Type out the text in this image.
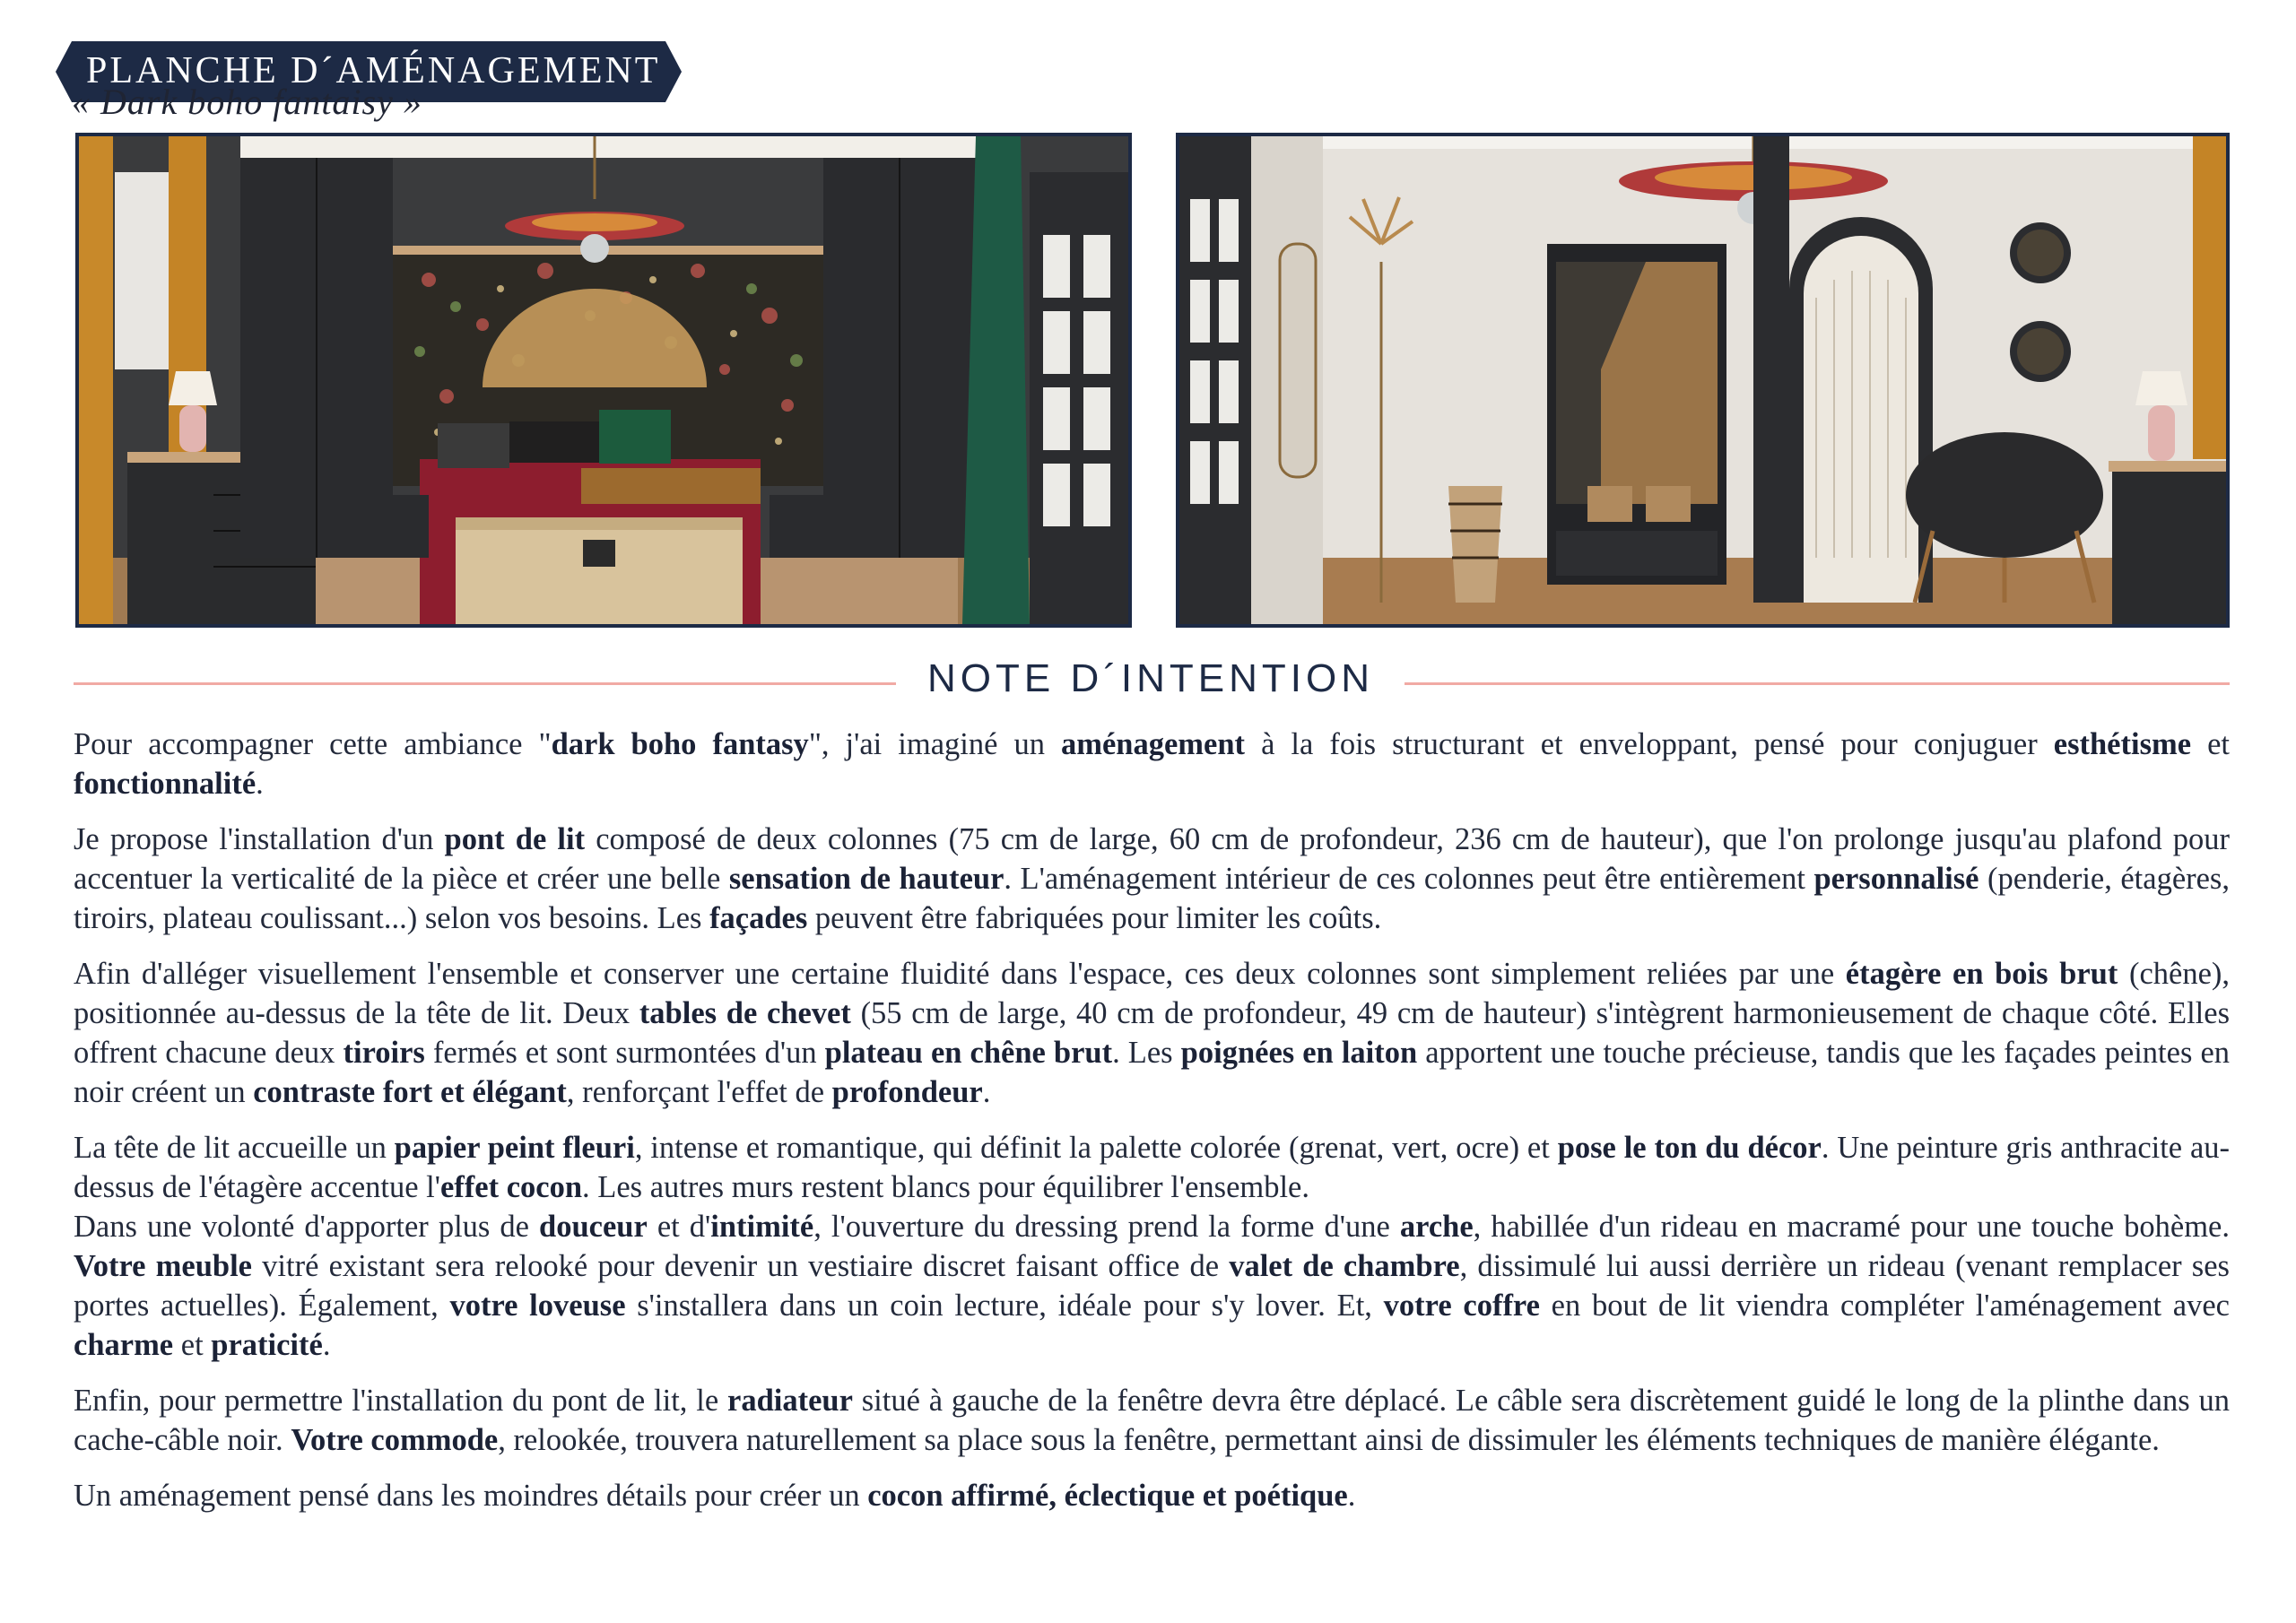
PLANCHE D´AMÉNAGEMENT
« Dark boho fantaisy »
NOTE D´INTENTION

Pour accompagner cette ambiance "dark boho fantasy", j'ai imaginé un aménagement à la fois structurant et enveloppant, pensé pour conjuguer esthétisme et fonctionnalité.

Je propose l'installation d'un pont de lit composé de deux colonnes (75 cm de large, 60 cm de profondeur, 236 cm de hauteur), que l'on prolonge jusqu'au plafond pour accentuer la verticalité de la pièce et créer une belle sensation de hauteur. L'aménagement intérieur de ces colonnes peut être entièrement personnalisé (penderie, étagères, tiroirs, plateau coulissant...) selon vos besoins. Les façades peuvent être fabriquées pour limiter les coûts.

Afin d'alléger visuellement l'ensemble et conserver une certaine fluidité dans l'espace, ces deux colonnes sont simplement reliées par une étagère en bois brut (chêne), positionnée au-dessus de la tête de lit. Deux tables de chevet (55 cm de large, 40 cm de profondeur, 49 cm de hauteur) s'intègrent harmonieusement de chaque côté. Elles offrent chacune deux tiroirs fermés et sont surmontées d'un plateau en chêne brut. Les poignées en laiton apportent une touche précieuse, tandis que les façades peintes en noir créent un contraste fort et élégant, renforçant l'effet de profondeur.

La tête de lit accueille un papier peint fleuri, intense et romantique, qui définit la palette colorée (grenat, vert, ocre) et pose le ton du décor. Une peinture gris anthracite au-dessus de l'étagère accentue l'effet cocon. Les autres murs restent blancs pour équilibrer l'ensemble.

Dans une volonté d'apporter plus de douceur et d'intimité, l'ouverture du dressing prend la forme d'une arche, habillée d'un rideau en macramé pour une touche bohème. Votre meuble vitré existant sera relooké pour devenir un vestiaire discret faisant office de valet de chambre, dissimulé lui aussi derrière un rideau (venant remplacer ses portes actuelles). Également, votre loveuse s'installera dans un coin lecture, idéale pour s'y lover. Et, votre coffre en bout de lit viendra compléter l'aménagement avec charme et praticité.

Enfin, pour permettre l'installation du pont de lit, le radiateur situé à gauche de la fenêtre devra être déplacé. Le câble sera discrètement guidé le long de la plinthe dans un cache-câble noir. Votre commode, relookée, trouvera naturellement sa place sous la fenêtre, permettant ainsi de dissimuler les éléments techniques de manière élégante.

Un aménagement pensé dans les moindres détails pour créer un cocon affirmé, éclectique et poétique.
